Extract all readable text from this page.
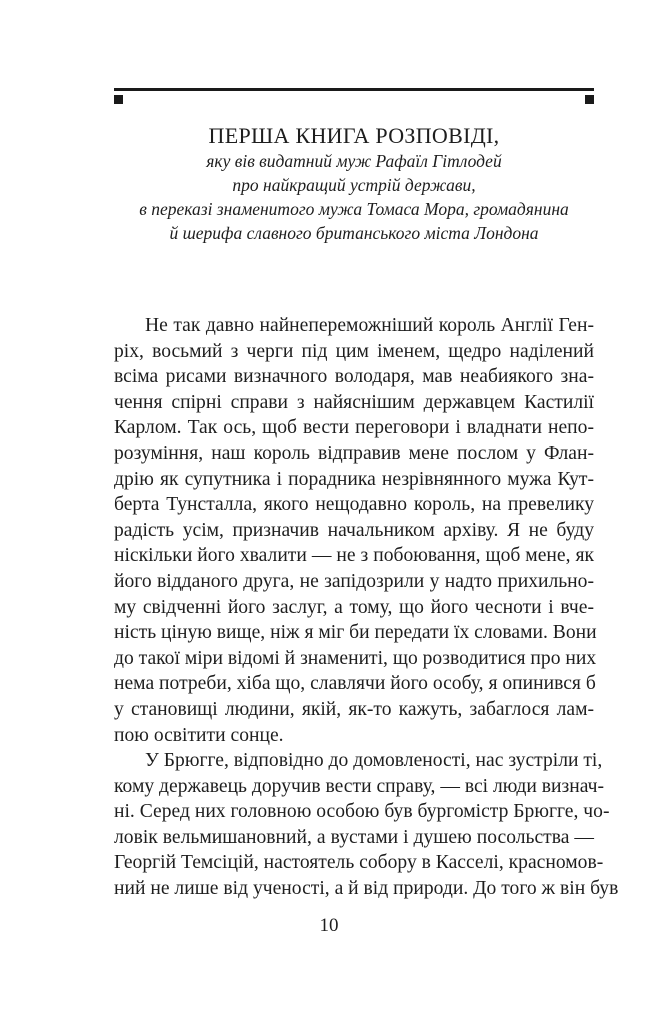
ПЕРША КНИГА РОЗПОВІДІ,
яку вів видатний муж Рафаїл Гітлодей
про найкращий устрій держави,
в переказі знаменитого мужа Томаса Мора, громадянина
й шерифа славного британського міста Лондона
Не так давно найнепереможніший король Англії Ген-
ріх, восьмий з черги під цим іменем, щедро наділений
всіма рисами визначного володаря, мав неабиякого зна-
чення спірні справи з найяснішим державцем Кастилії
Карлом. Так ось, щоб вести переговори і владнати непо-
розуміння, наш король відправив мене послом у Флан-
дрію як супутника і порадника незрівнянного мужа Кут-
берта Тунсталла, якого нещодавно король, на превелику
радість усім, призначив начальником архіву. Я не буду
ніскільки його хвалити — не з побоювання, щоб мене, як
його відданого друга, не запідозрили у надто прихильно-
му свідченні його заслуг, а тому, що його чесноти і вче-
ність ціную вище, ніж я міг би передати їх словами. Вони
до такої міри відомі й знамениті, що розводитися про них
нема потреби, хіба що, славлячи його особу, я опинився б
у становищі людини, якій, як-то кажуть, забаглося лам-
пою освітити сонце.
У Брюгге, відповідно до домовленості, нас зустріли ті,
кому державець доручив вести справу, — всі люди визнач-
ні. Серед них головною особою був бургомістр Брюгге, чо-
ловік вельмишановний, а вустами і душею посольства —
Георгій Темсіцій, настоятель собору в Касселі, красномов-
ний не лише від ученості, а й від природи. До того ж він був
10
